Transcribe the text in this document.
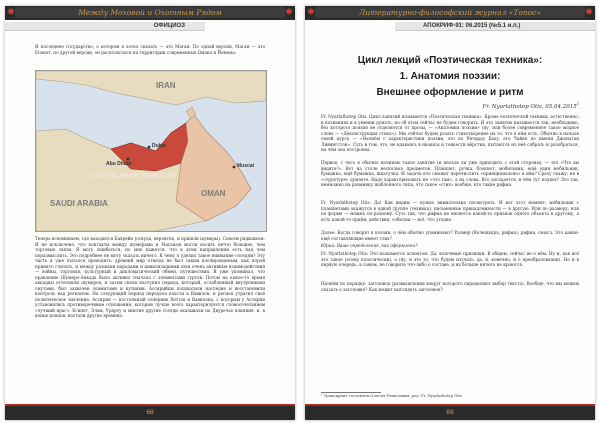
✸	Между Моховой и Охотным Рядом	✸
ОФИЦИОЗ
И последнее государство, о котором я хотел сказать — это Маган. По одной версии, Маган — это Египет, по другой версии, он располагался на территории современных Омана и Йемена:
IRAN
UNITED ARAB EMIRATES
SAUDI ARABIA
OMAN
Dubai
Abu Dhabi	Muscat
Теперь вспоминаем, где находится Бахрейн (откуда, вероятно, и пришли шумеры). Совсем рядышком. И не исключено, что контакты между шумерами и Маганом могли носить нечто большее, чем торговые связи. Я могу ошибаться, но мне кажется, что в этом направлении есть над чем поразмыслить. Это подробнее не могу сказать ничего. К чему я уделил такое внимание соседям? Эту часть я уже пытался проводить: древний мир отнюдь не был таким изолированным, как порой принято считать, и между разными народами и цивилизациями шли очень активные взаимодействия — войны, торговля, культурный и дипломатический обмен, путешествия. Я уже упоминал, что правление Шумеро-Аккада было активно сначала с элементами гуртов. Потом на какое-то время аккадцы оттеснили шумеров, и затем снова наступил период, который, ослабленный внутренними смутами, был захвачен эламитами и кутиями. Ассирийцы подхватили наследие и восстановили контроль над регионом. На следующий период передача власти в Вавилон, и регион утратил своё политическое значение. Ассирия — постоянный соперник Хеттов и Вавилона, с которым у Ассирии установились противоречивые отношения, которые лучше всего характеризуются словосочетанием «лучший враг». Египет, Элам, Урарту и многие другие соседи оказывали на Двуречье влияние, и, в конце концов, настали другие времена.
68
✸	Литературно-философский журнал «Топос»	✸
АПОКРИФ-91: 06.2015 (№5.1 и.п.)
Цикл лекций «Поэтическая техника»:
1. Анатомия поэзии:
Внешнее оформление и ритм
Fr. Nyarlathotep Otis, 05.04.2015$^1$
Fr. Nyarlathotep Otis: Цикл занятий называется «Поэтическая техника». Кроме поэтической техники, естественно, в познаниях и в умении думать, но об этом сейчас не будем говорить. И это занятие называется так: необходимо, без которого поэзия не отделяется от прозы, — «Анатомия поэзии» (ну, или более современное такое модное слово — «Деконструкция стиха»). Мы сейчас будем резать стихотворение на то, что в нём есть. Обычно в начале своей курса — «Начнём с характеристики поэзии, это по Ричарду Баху, его Чайке по имени Джонатан Ливингстон». Суть в том, что, не вдаваясь в нюансы и тонкости вёрстки, пытаются из неё собрать и разобраться, на чём она построена.
Первое, с чего я обычно начинаю такое занятие (и нельзя ли уже приходить с этой стороны), — это «Что вы видите?». Вот на столе несколько предметов. Планшет, ручка, блокнот, мобильник, ещё один мобильник, бумажка, ещё бумажка, шкатулка. И задача кто сможет перечислить «принципиально» в нём? Сразу скажу: не в «структуре» думаете. Надо характеризовать не «что там», а на слова. Кто догадается, в чём тут подвох? Это так, немножко на разминку шаблонного типа, что такое «стих» вообще, кто такие рифма.
Fr. Nyarlathotep Otis: Да! Как видим — нужно внимательно посмотреть. И вот этот момент: мобильник с планшетами окажутся в одной группе (техника), письменные принадлежности — в другую. Или по размеру, или по форме — можно по-разному. Суть так, что рифма не является какой-то признак одного объекта к другому, а есть какой-то приём, действия, события — всё, что угодно.
Далее. Когда говорят в поэзии, о чём обычно упоминают? Размер (Волешапра, рифма), рифма, смысл. Это какие-ещё составляющие имеет стих?
Юрий: Ваше определение, как оформлено?
Fr. Nyarlathotep Otis: Это называется аспектом. Да, ключевые признаки. В общем, сейчас не о нём. Ну и, как всё это такое (этому классически), а (ну, и это то, что будем изучать, да, и, конечно, и о преобразовании). Но и в первую очередь, в самом, не говорите что-либо о составе, и их больше ничего не кроются.
Начнём по порядку: заголовок (размышления вокруг которого определяют выбор текста). Вообще, что мы можем сказать о заголовке? Как может выглядеть заголовок?
¹ Транскрипт составлен Олегом Ремизовым, ред. Fr. Nyarlathotep Otis
69
